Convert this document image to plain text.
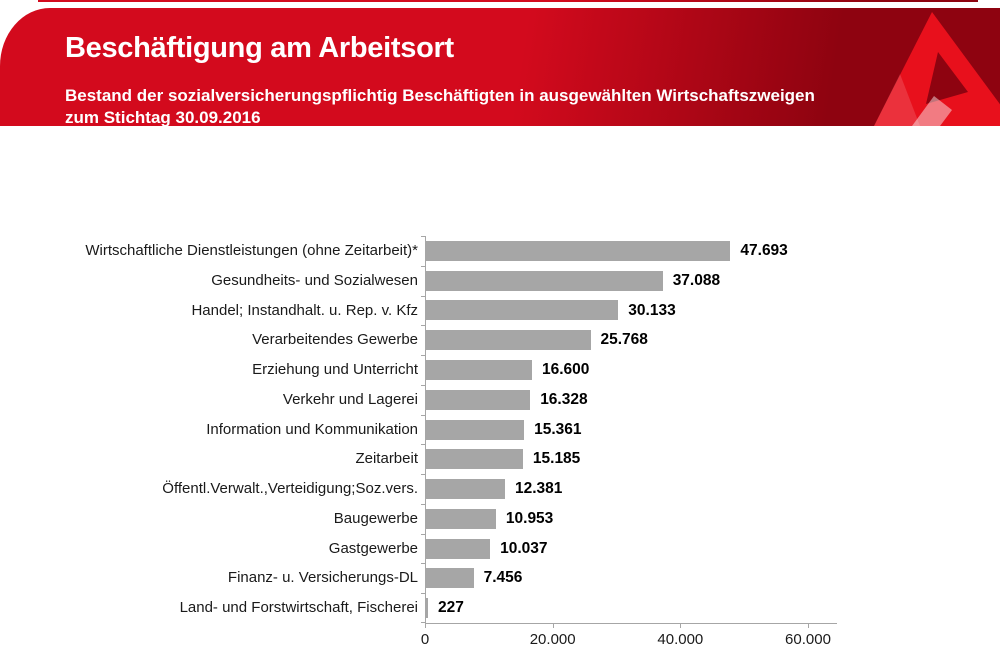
Beschäftigung am Arbeitsort

Bestand der sozialversicherungspflichtig Beschäftigten in ausgewählten Wirtschaftszweigen
zum Stichtag 30.09.2016

Wirtschaftliche Dienstleistungen (ohne Zeitarbeit)*	47.693
Gesundheits- und Sozialwesen	37.088
Handel; Instandhalt. u. Rep. v. Kfz	30.133
Verarbeitendes Gewerbe	25.768
Erziehung und Unterricht	16.600
Verkehr und Lagerei	16.328
Information und Kommunikation	15.361
Zeitarbeit	15.185
Öffentl.Verwalt.,Verteidigung;Soz.vers.	12.381
Baugewerbe	10.953
Gastgewerbe	10.037
Finanz- u. Versicherungs-DL	7.456
Land- und Forstwirtschaft, Fischerei 227
0	20.000	40.000	60.000
